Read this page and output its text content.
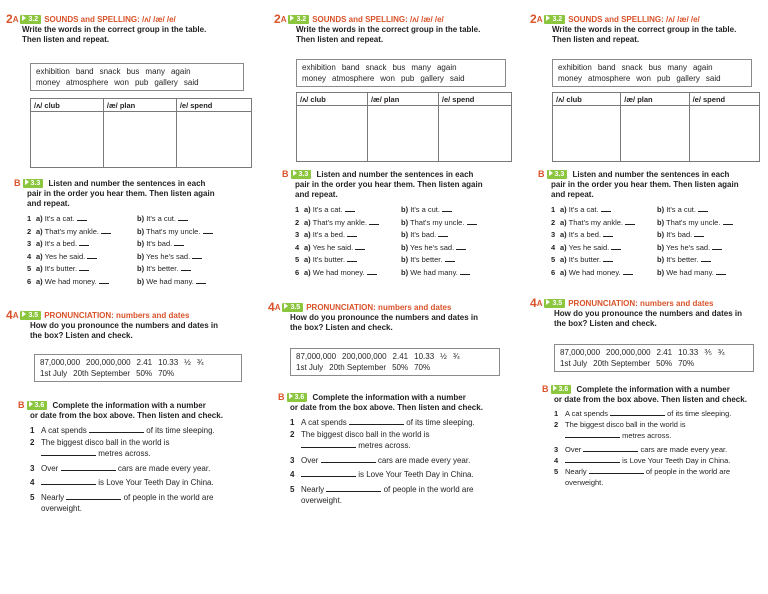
2A 3.2 SOUNDS and SPELLING: /ʌ/ /æ/ /e/
Write the words in the correct group in the table.
Then listen and repeat.
exhibition band snack bus many again
money atmosphere won pub gallery said
/ʌ/ club	/æ/ plan	/e/ spend

B 3.3 Listen and number the sentences in each
pair in the order you hear them. Then listen again
and repeat.
1 a) It's a cat.	b) It's a cut.
2 a) That's my ankle.	b) That's my uncle.
3 a) It's a bed.	b) It's bad.
4 a) Yes he said.	b) Yes he's sad.
5 a) It's butter.	b) It's better.
6 a) We had money.	b) We had many.
4A 3.5 PRONUNCIATION: numbers and dates
How do you pronounce the numbers and dates in
the box? Listen and check.
87,000,000 200,000,000 2.41 10.33 ½ ¾
1st July 20th September 50% 70%
B 3.6 Complete the information with a number
or date from the box above. Then listen and check.
1 A cat spends	of its time sleeping.
2 The biggest disco ball in the world is
metres across.
3 Over	cars are made every year.
4	is Love Your Teeth Day in China.
5 Nearly	of people in the world are
overweight.
2A 3.2 SOUNDS and SPELLING: /ʌ/ /æ/ /e/
Write the words in the correct group in the table.
Then listen and repeat.
exhibition band snack bus many again
money atmosphere won pub gallery said
/ʌ/ club	/æ/ plan	/e/ spend

B 3.3 Listen and number the sentences in each
pair in the order you hear them. Then listen again
and repeat.
1 a) It's a cat.	b) It's a cut.
2 a) That's my ankle.	b) That's my uncle.
3 a) It's a bed.	b) It's bad.
4 a) Yes he said.	b) Yes he's sad.
5 a) It's butter.	b) It's better.
6 a) We had money.	b) We had many.
4A 3.5 PRONUNCIATION: numbers and dates
How do you pronounce the numbers and dates in
the box? Listen and check.
87,000,000 200,000,000 2.41 10.33 ½ ¾
1st July 20th September 50% 70%
B 3.6 Complete the information with a number
or date from the box above. Then listen and check.
1 A cat spends	of its time sleeping.
2 The biggest disco ball in the world is
metres across.
3 Over	cars are made every year.
4	is Love Your Teeth Day in China.
5 Nearly	of people in the world are
overweight.
2A 3.2 SOUNDS and SPELLING: /ʌ/ /æ/ /e/
Write the words in the correct group in the table.
Then listen and repeat.
exhibition band snack bus many again
money atmosphere won pub gallery said
/ʌ/ club	/æ/ plan	/e/ spend

B 3.3 Listen and number the sentences in each
pair in the order you hear them. Then listen again
and repeat.
1 a) It's a cat.	b) It's a cut.
2 a) That's my ankle.	b) That's my uncle.
3 a) It's a bed.	b) It's bad.
4 a) Yes he said.	b) Yes he's sad.
5 a) It's butter.	b) It's better.
6 a) We had money.	b) We had many.
4A 3.5 PRONUNCIATION: numbers and dates
How do you pronounce the numbers and dates in
the box? Listen and check.
87,000,000 200,000,000 2.41 10.33 ⅗ ¾
1st July 20th September 50% 70%
B 3.6 Complete the information with a number
or date from the box above. Then listen and check.
1 A cat spends	of its time sleeping.
2 The biggest disco ball in the world is
metres across.
3 Over	cars are made every year.
4	is Love Your Teeth Day in China.
5 Nearly	of people in the world are
overweight.
